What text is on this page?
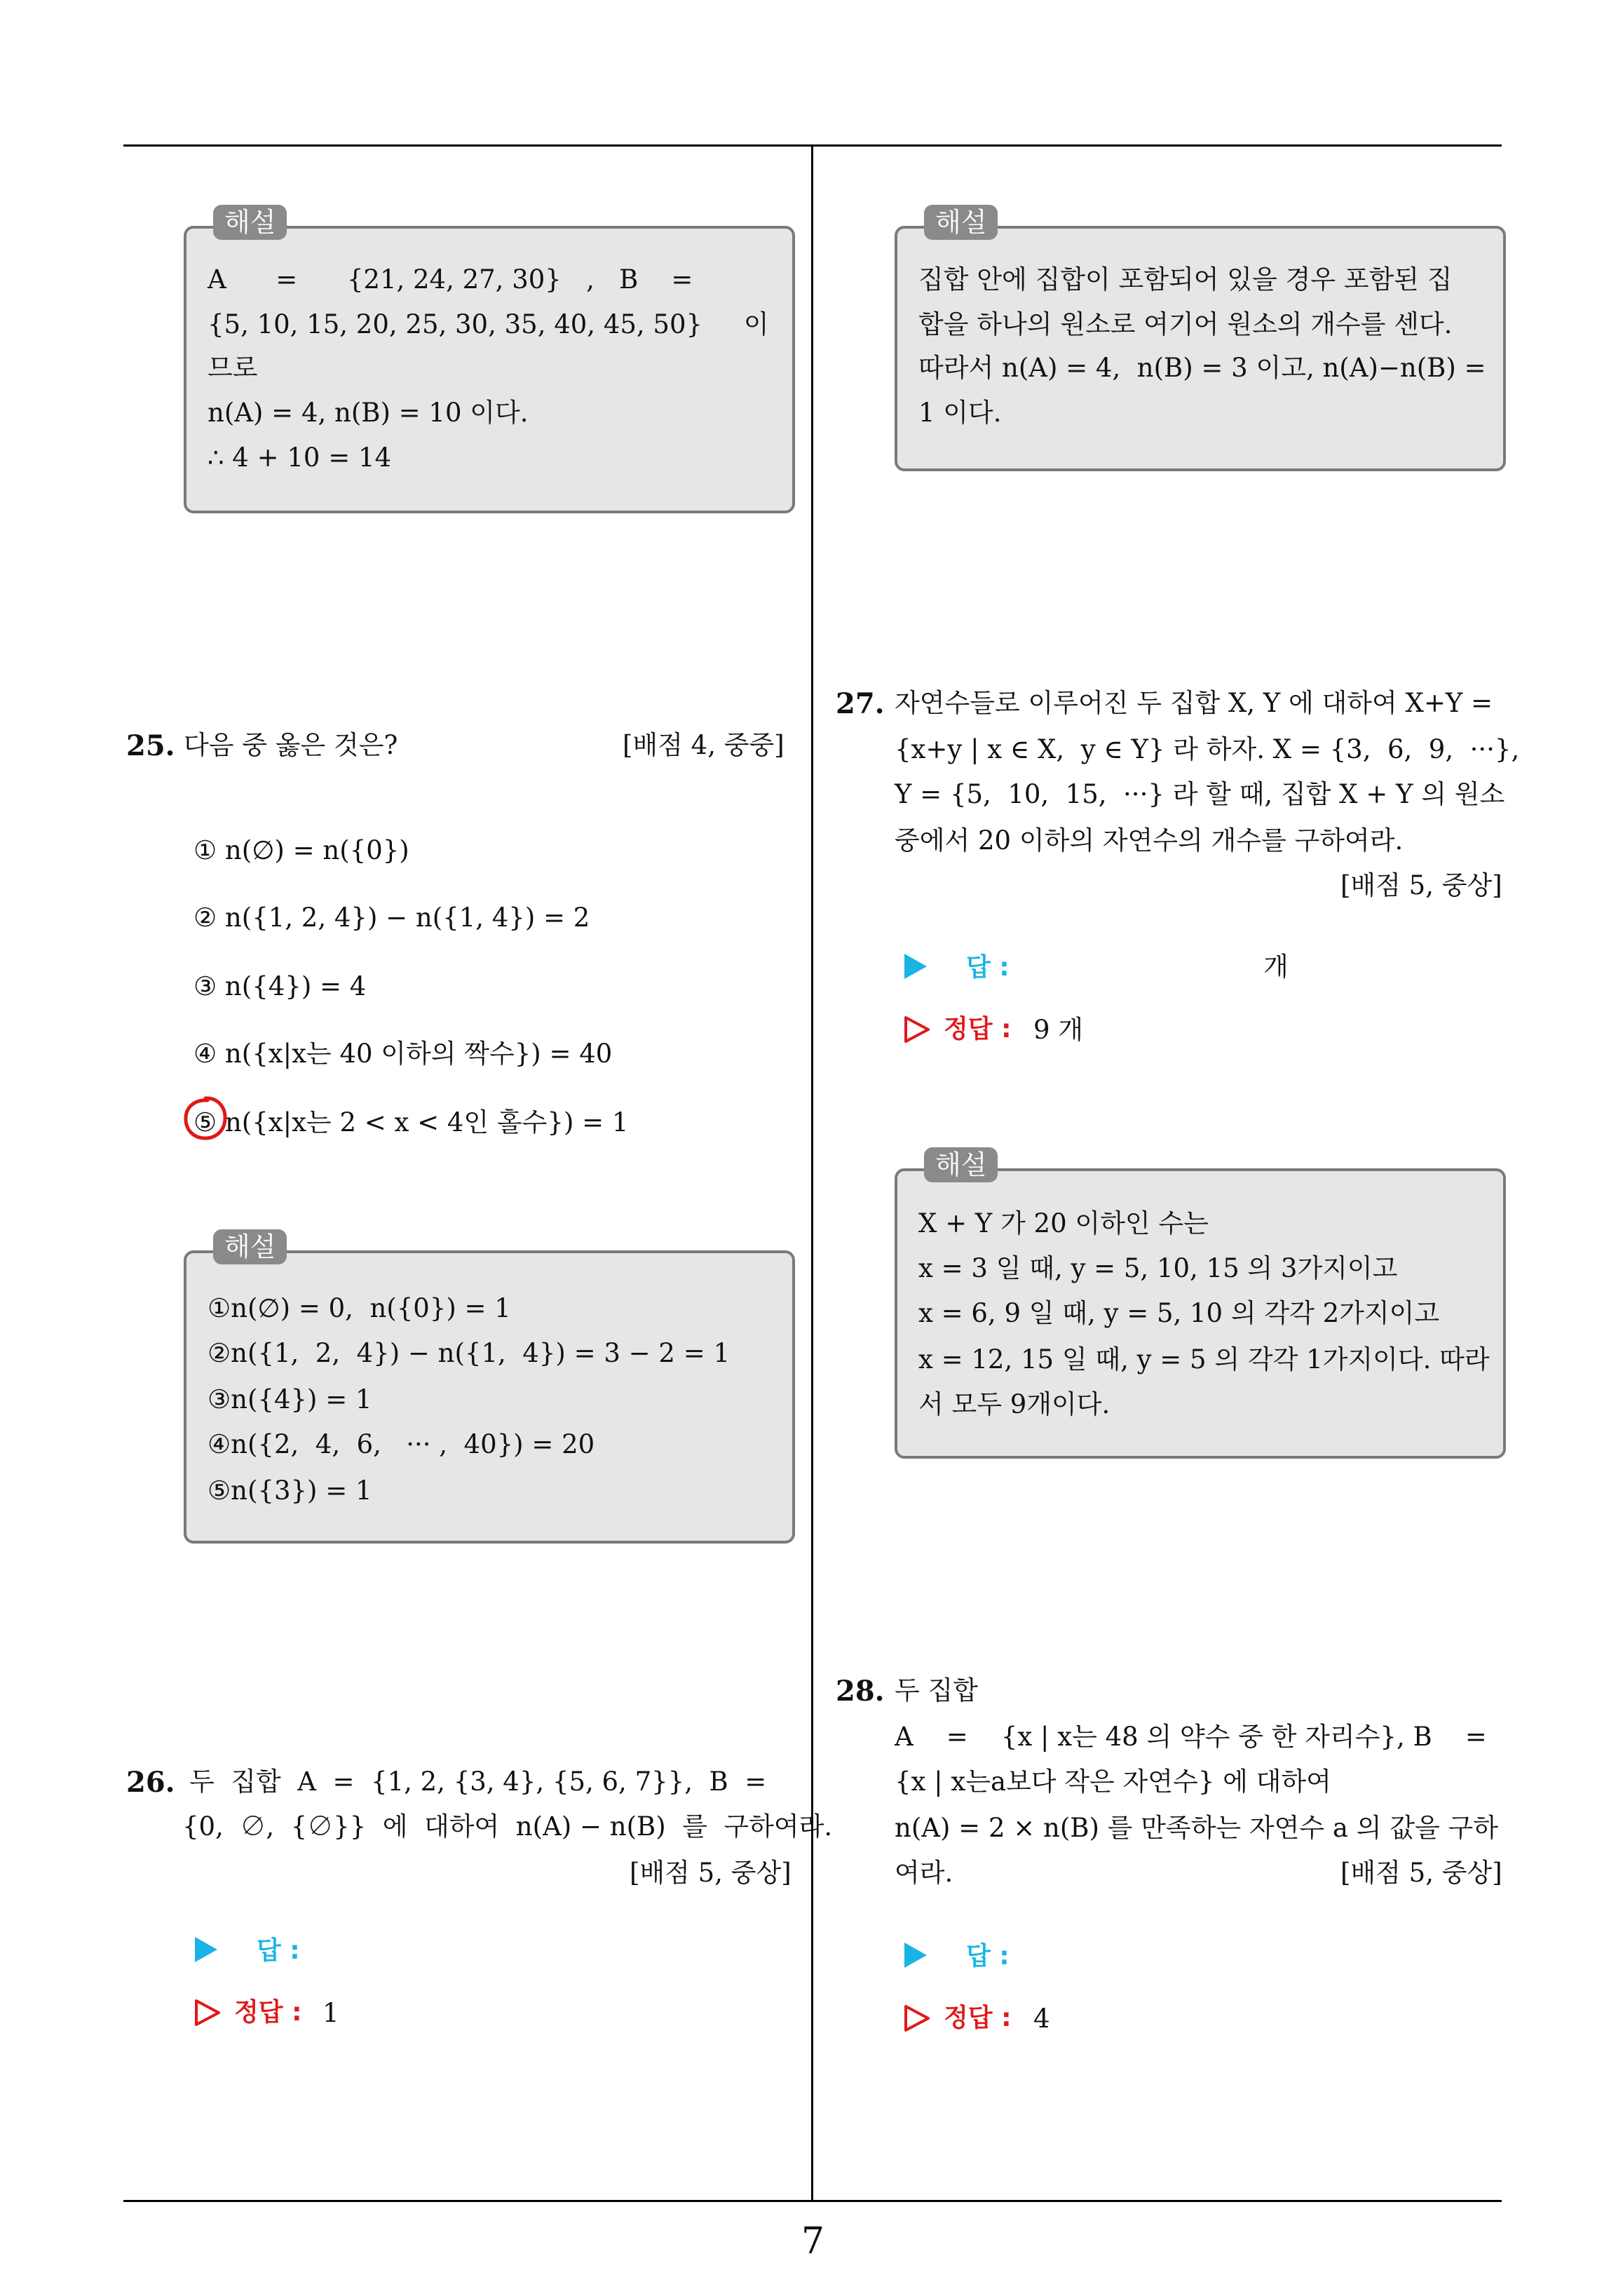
7
해설
A      =      {21, 24, 27, 30}   ,   B    =
{5, 10, 15, 20, 25, 30, 35, 40, 45, 50}     이
므로
n(A) = 4, n(B) = 10 이다.
∴ 4 + 10 = 14
25. 다음 중 옳은 것은?	[배점 4, 중중]
① n(∅) = n({0})
② n({1, 2, 4}) − n({1, 4}) = 2
③ n({4}) = 4
④ n({x|x는 40 이하의 짝수}) = 40
⑤ n({x|x는 2 < x < 4인 홀수}) = 1
해설
①n(∅) = 0,  n({0}) = 1
②n({1,  2,  4}) − n({1,  4}) = 3 − 2 = 1
③n({4}) = 1
④n({2,  4,  6,   ··· ,  40}) = 20
⑤n({3}) = 1
26. 두  집합  A  =  {1, 2, {3, 4}, {5, 6, 7}},  B  =
{0,  ∅,  {∅}}  에  대하여  n(A) − n(B)  를  구하여라.
[배점 5, 중상]
답 :
정답 : 1
해설
집합 안에 집합이 포함되어 있을 경우 포함된 집
합을 하나의 원소로 여기어 원소의 개수를 센다.
따라서 n(A) = 4,  n(B) = 3 이고, n(A)−n(B) =
1 이다.
27. 자연수들로 이루어진 두 집합 X, Y 에 대하여 X+Y =
{x+y | x ∈ X,  y ∈ Y} 라 하자. X = {3,  6,  9,  ···},
Y = {5,  10,  15,  ···} 라 할 때, 집합 X + Y 의 원소
중에서 20 이하의 자연수의 개수를 구하여라.
[배점 5, 중상]
답 :	개
정답 : 9 개
해설
X + Y 가 20 이하인 수는
x = 3 일 때, y = 5, 10, 15 의 3가지이고
x = 6, 9 일 때, y = 5, 10 의 각각 2가지이고
x = 12, 15 일 때, y = 5 의 각각 1가지이다. 따라
서 모두 9개이다.
28. 두 집합
A    =    {x | x는 48 의 약수 중 한 자리수}, B    =
{x | x는a보다 작은 자연수} 에 대하여
n(A) = 2 × n(B) 를 만족하는 자연수 a 의 값을 구하
여라.	[배점 5, 중상]
답 :
정답 : 4
